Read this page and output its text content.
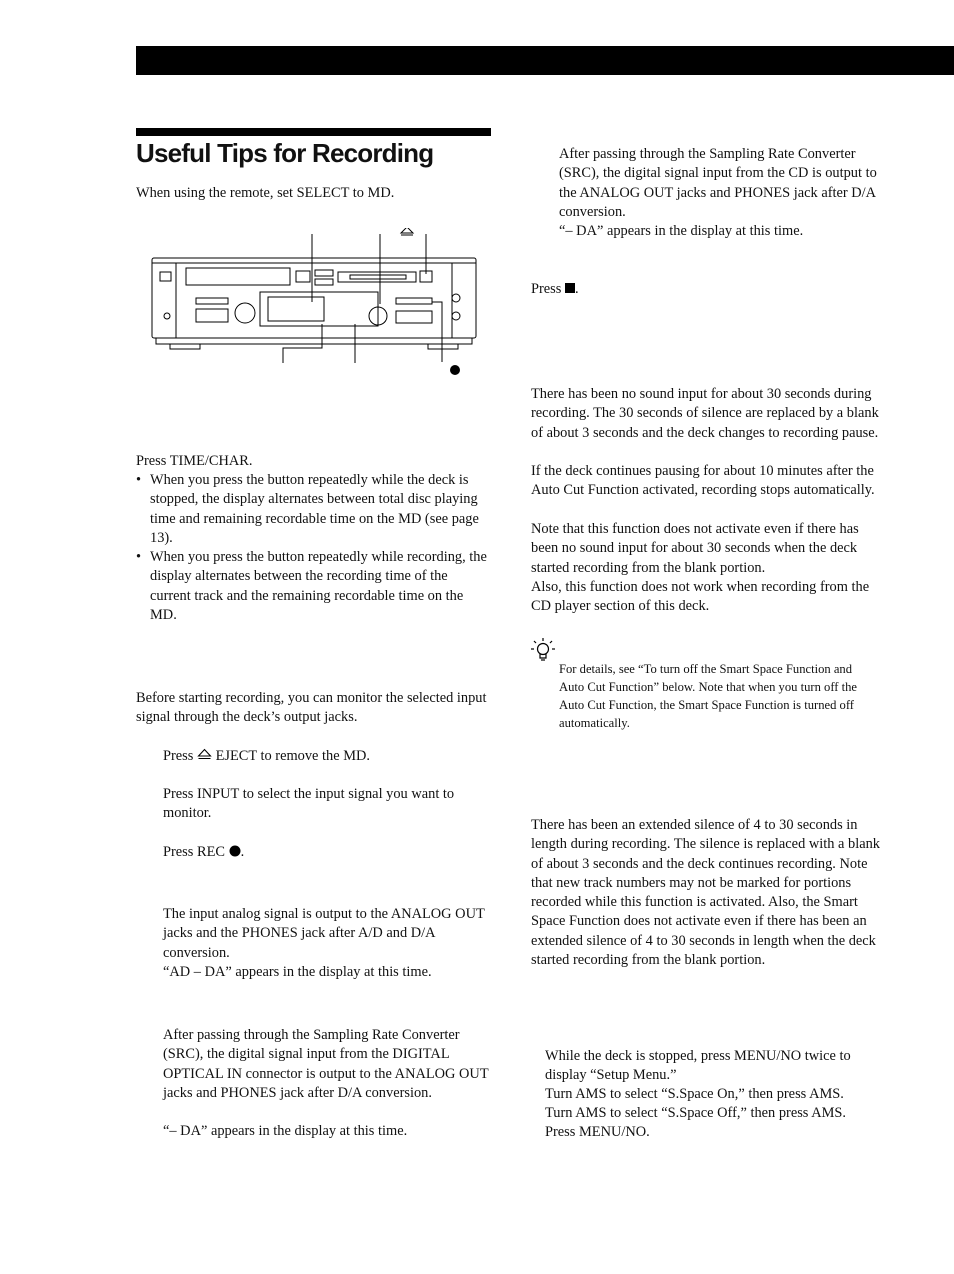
Useful Tips for Recording
When using the remote, set SELECT to MD.
Press TIME/CHAR.
• When you press the button repeatedly while the deck is stopped, the display alternates between total disc playing time and remaining recordable time on the MD (see page 13).
• When you press the button repeatedly while recording, the display alternates between the recording time of the current track and the remaining recordable time on the MD.
Before starting recording, you can monitor the selected input signal through the deck’s output jacks.
Press  EJECT to remove the MD.
Press INPUT to select the input signal you want to monitor.
Press REC .
The input analog signal is output to the ANALOG OUT jacks and the PHONES jack after A/D and D/A conversion.
“AD – DA” appears in the display at this time.
After passing through the Sampling Rate Converter (SRC), the digital signal input from the DIGITAL OPTICAL IN connector is output to the ANALOG OUT jacks and PHONES jack after D/A conversion.
“– DA” appears in the display at this time.
After passing through the Sampling Rate Converter (SRC), the digital signal input from the CD is output to the ANALOG OUT jacks and PHONES jack after D/A conversion.
“– DA” appears in the display at this time.
Press .
There has been no sound input for about 30 seconds during recording. The 30 seconds of silence are replaced by a blank of about 3 seconds and the deck changes to recording pause.
If the deck continues pausing for about 10 minutes after the Auto Cut Function activated, recording stops automatically.
Note that this function does not activate even if there has been no sound input for about 30 seconds when the deck started recording from the blank portion.
Also, this function does not work when recording from the CD player section of this deck.
For details, see “To turn off the Smart Space Function and Auto Cut Function” below. Note that when you turn off the Auto Cut Function, the Smart Space Function is turned off automatically.
There has been an extended silence of 4 to 30 seconds in length during recording. The silence is replaced with a blank of about 3 seconds and the deck continues recording. Note that new track numbers may not be marked for portions recorded while this function is activated. Also, the Smart Space Function does not activate even if there has been an extended silence of 4 to 30 seconds in length when the deck started recording from the blank portion.
While the deck is stopped, press MENU/NO twice to display “Setup Menu.”
Turn AMS to select “S.Space On,” then press AMS.
Turn AMS to select “S.Space Off,” then press AMS.
Press MENU/NO.
